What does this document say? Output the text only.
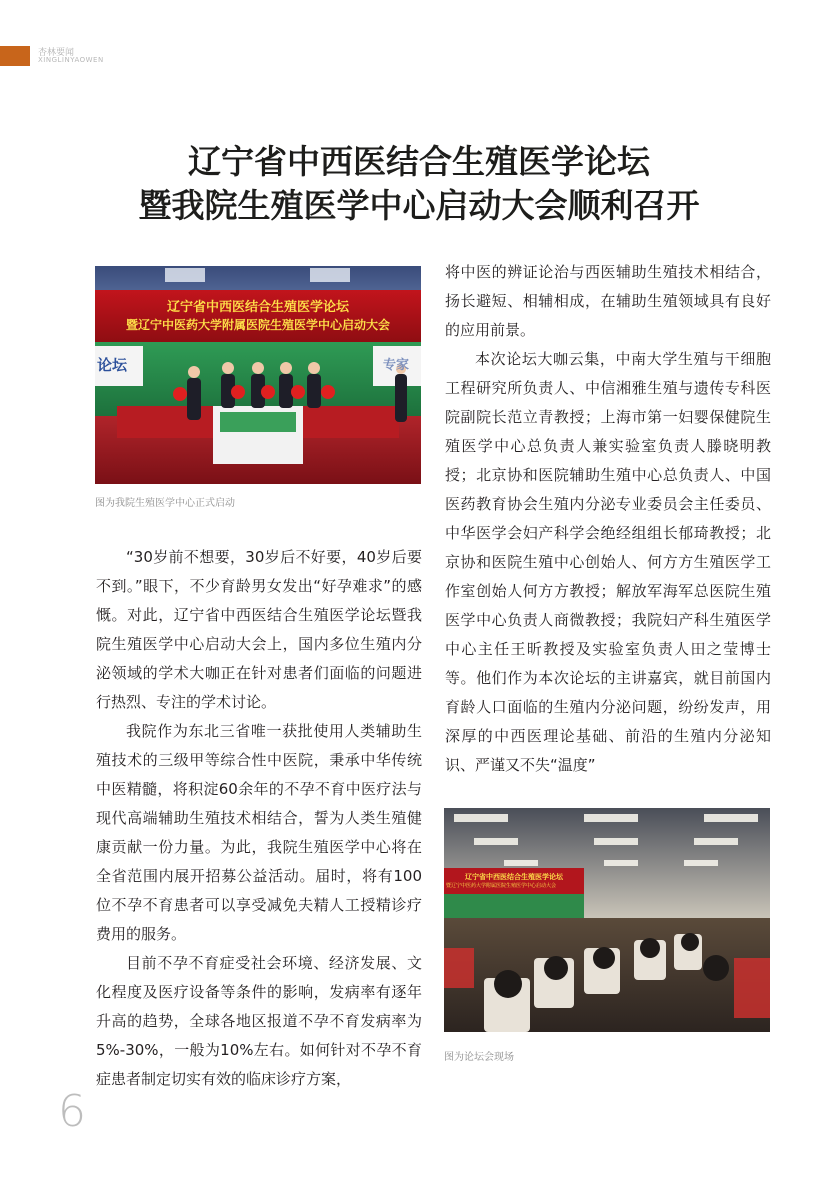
杏林要闻
XINGLINYAOWEN
辽宁省中西医结合生殖医学论坛
暨我院生殖医学中心启动大会顺利召开
辽宁省中西医结合生殖医学论坛
暨辽宁中医药大学附属医院生殖医学中心启动大会
论坛	专家
图为我院生殖医学中心正式启动
辽宁省中西医结合生殖医学论坛
暨辽宁中医药大学附属医院生殖医学中心启动大会
图为论坛会现场

“30岁前不想要，30岁后不好要，40岁后要不到。”眼下，不少育龄男女发出“好孕难求”的感慨。对此，辽宁省中西医结合生殖医学论坛暨我院生殖医学中心启动大会上，国内多位生殖内分泌领域的学术大咖正在针对患者们面临的问题进行热烈、专注的学术讨论。

我院作为东北三省唯一获批使用人类辅助生殖技术的三级甲等综合性中医院，秉承中华传统中医精髓，将积淀60余年的不孕不育中医疗法与现代高端辅助生殖技术相结合，誓为人类生殖健康贡献一份力量。为此，我院生殖医学中心将在全省范围内展开招募公益活动。届时，将有100位不孕不育患者可以享受减免夫精人工授精诊疗费用的服务。

目前不孕不育症受社会环境、经济发展、文化程度及医疗设备等条件的影响，发病率有逐年升高的趋势，全球各地区报道不孕不育发病率为5%-30%，一般为10%左右。如何针对不孕不育症患者制定切实有效的临床诊疗方案，

将中医的辨证论治与西医辅助生殖技术相结合，扬长避短、相辅相成，在辅助生殖领域具有良好的应用前景。

本次论坛大咖云集，中南大学生殖与干细胞工程研究所负责人、中信湘雅生殖与遗传专科医院副院长范立青教授；上海市第一妇婴保健院生殖医学中心总负责人兼实验室负责人滕晓明教授；北京协和医院辅助生殖中心总负责人、中国医药教育协会生殖内分泌专业委员会主任委员、中华医学会妇产科学会绝经组组长郁琦教授；北京协和医院生殖中心创始人、何方方生殖医学工作室创始人何方方教授；解放军海军总医院生殖医学中心负责人商微教授；我院妇产科生殖医学中心主任王昕教授及实验室负责人田之莹博士等。他们作为本次论坛的主讲嘉宾，就目前国内育龄人口面临的生殖内分泌问题，纷纷发声，用深厚的中西医理论基础、前沿的生殖内分泌知识、严谨又不失“温度”

6
